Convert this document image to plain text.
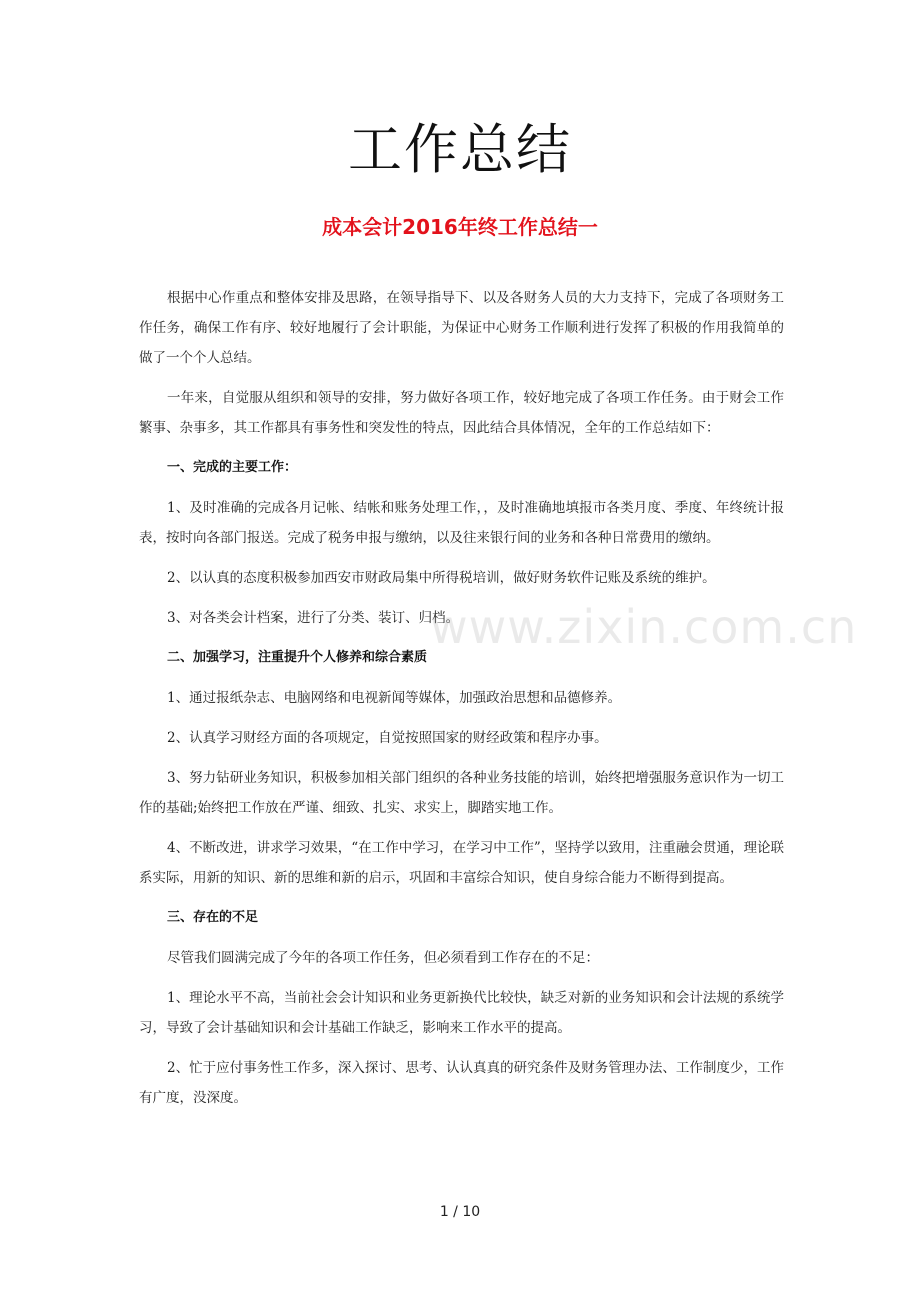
工作总结
成本会计2016年终工作总结一

根据中心作重点和整体安排及思路，在领导指导下、以及各财务人员的大力支持下，完成了各项财务工作任务，确保工作有序、较好地履行了会计职能，为保证中心财务工作顺利进行发挥了积极的作用我简单的做了一个个人总结。

一年来，自觉服从组织和领导的安排，努力做好各项工作，较好地完成了各项工作任务。由于财会工作繁事、杂事多，其工作都具有事务性和突发性的特点，因此结合具体情况，全年的工作总结如下：

一、完成的主要工作：

1、及时准确的完成各月记帐、结帐和账务处理工作，，及时准确地填报市各类月度、季度、年终统计报表，按时向各部门报送。完成了税务申报与缴纳，以及往来银行间的业务和各种日常费用的缴纳。

2、以认真的态度积极参加西安市财政局集中所得税培训，做好财务软件记账及系统的维护。

3、对各类会计档案，进行了分类、装订、归档。

二、加强学习，注重提升个人修养和综合素质

1、通过报纸杂志、电脑网络和电视新闻等媒体，加强政治思想和品德修养。

2、认真学习财经方面的各项规定，自觉按照国家的财经政策和程序办事。

3、努力钻研业务知识，积极参加相关部门组织的各种业务技能的培训，始终把增强服务意识作为一切工作的基础;始终把工作放在严谨、细致、扎实、求实上，脚踏实地工作。

4、不断改进，讲求学习效果，“在工作中学习，在学习中工作”，坚持学以致用，注重融会贯通，理论联系实际，用新的知识、新的思维和新的启示，巩固和丰富综合知识，使自身综合能力不断得到提高。

三、存在的不足

尽管我们圆满完成了今年的各项工作任务，但必须看到工作存在的不足：

1、理论水平不高，当前社会会计知识和业务更新换代比较快，缺乏对新的业务知识和会计法规的系统学习，导致了会计基础知识和会计基础工作缺乏，影响来工作水平的提高。

2、忙于应付事务性工作多，深入探讨、思考、认认真真的研究条件及财务管理办法、工作制度少，工作有广度，没深度。

www.zixin.com.cn
1 / 10
